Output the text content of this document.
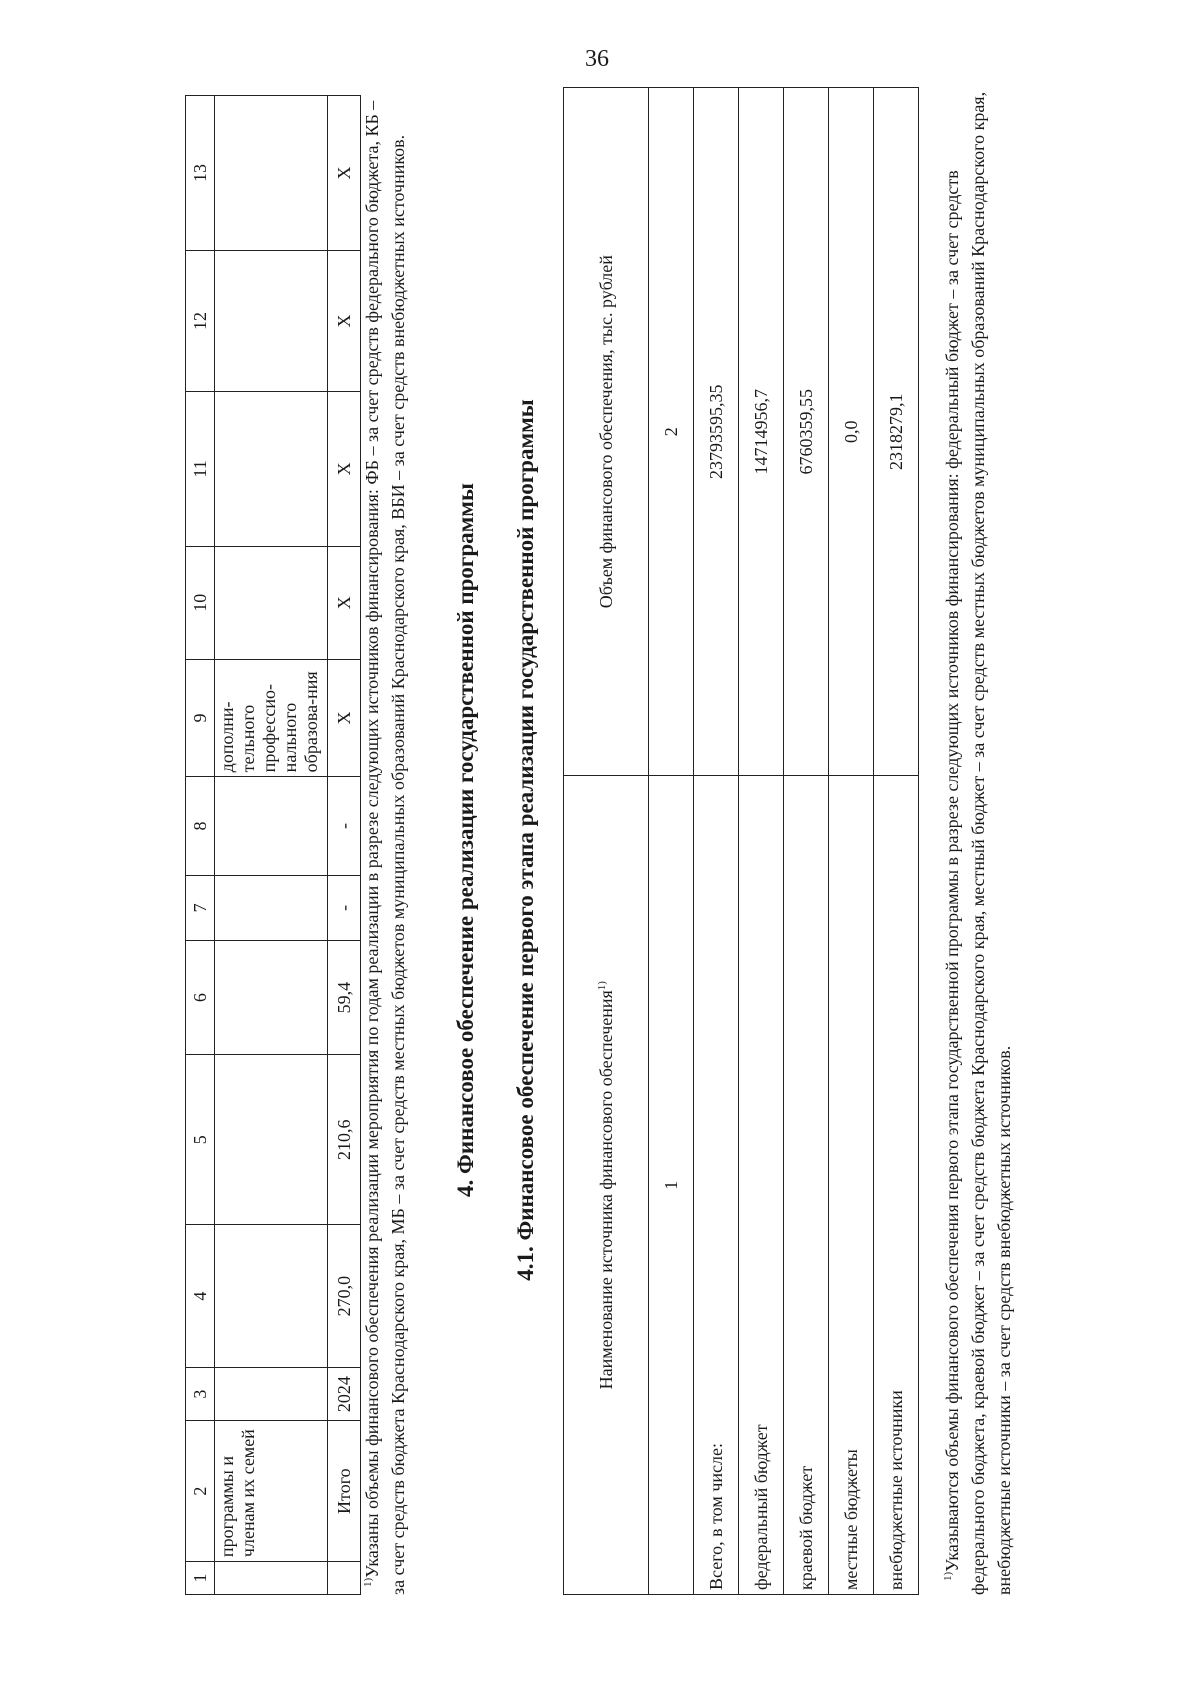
36
1	2	3	4	5	6	7	8	9	10	11	12	13
	программы и членам их семей							дополни-тельного профессио-нального образова-ния				
	Итого	2024	270,0	210,6	59,4	-	-	X	X	X	X	X
$^{1)}$Указаны объемы финансового обеспечения реализации мероприятия по годам реализации в разрезе следующих источников финансирования: ФБ – за счет средств федерального бюджета, КБ – за счет средств бюджета Краснодарского края, МБ – за счет средств местных бюджетов муниципальных образований Краснодарского края, ВБИ – за счет средств внебюджетных источников. 4. Финансовое обеспечение реализации государственной программы 4.1. Финансовое обеспечение первого этапа реализации государственной программы	Наименование источника финансового обеспечения$^{1)}$	Объем финансового обеспечения, тыс. рублей
1	2
Всего, в том числе:	23793595,35
федеральный бюджет	14714956,7
краевой бюджет	6760359,55
местные бюджеты	0,0
внебюджетные источники	2318279,1
$^{1)}$Указываются объемы финансового обеспечения первого этапа государственной программы в разрезе следующих источников финансирования: федеральный бюджет – за счет средств федерального бюджета, краевой бюджет – за счет средств бюджета Краснодарского края, местный бюджет – за счет средств местных бюджетов муниципальных образований Краснодарского края, внебюджетные источники – за счет средств внебюджетных источников.
